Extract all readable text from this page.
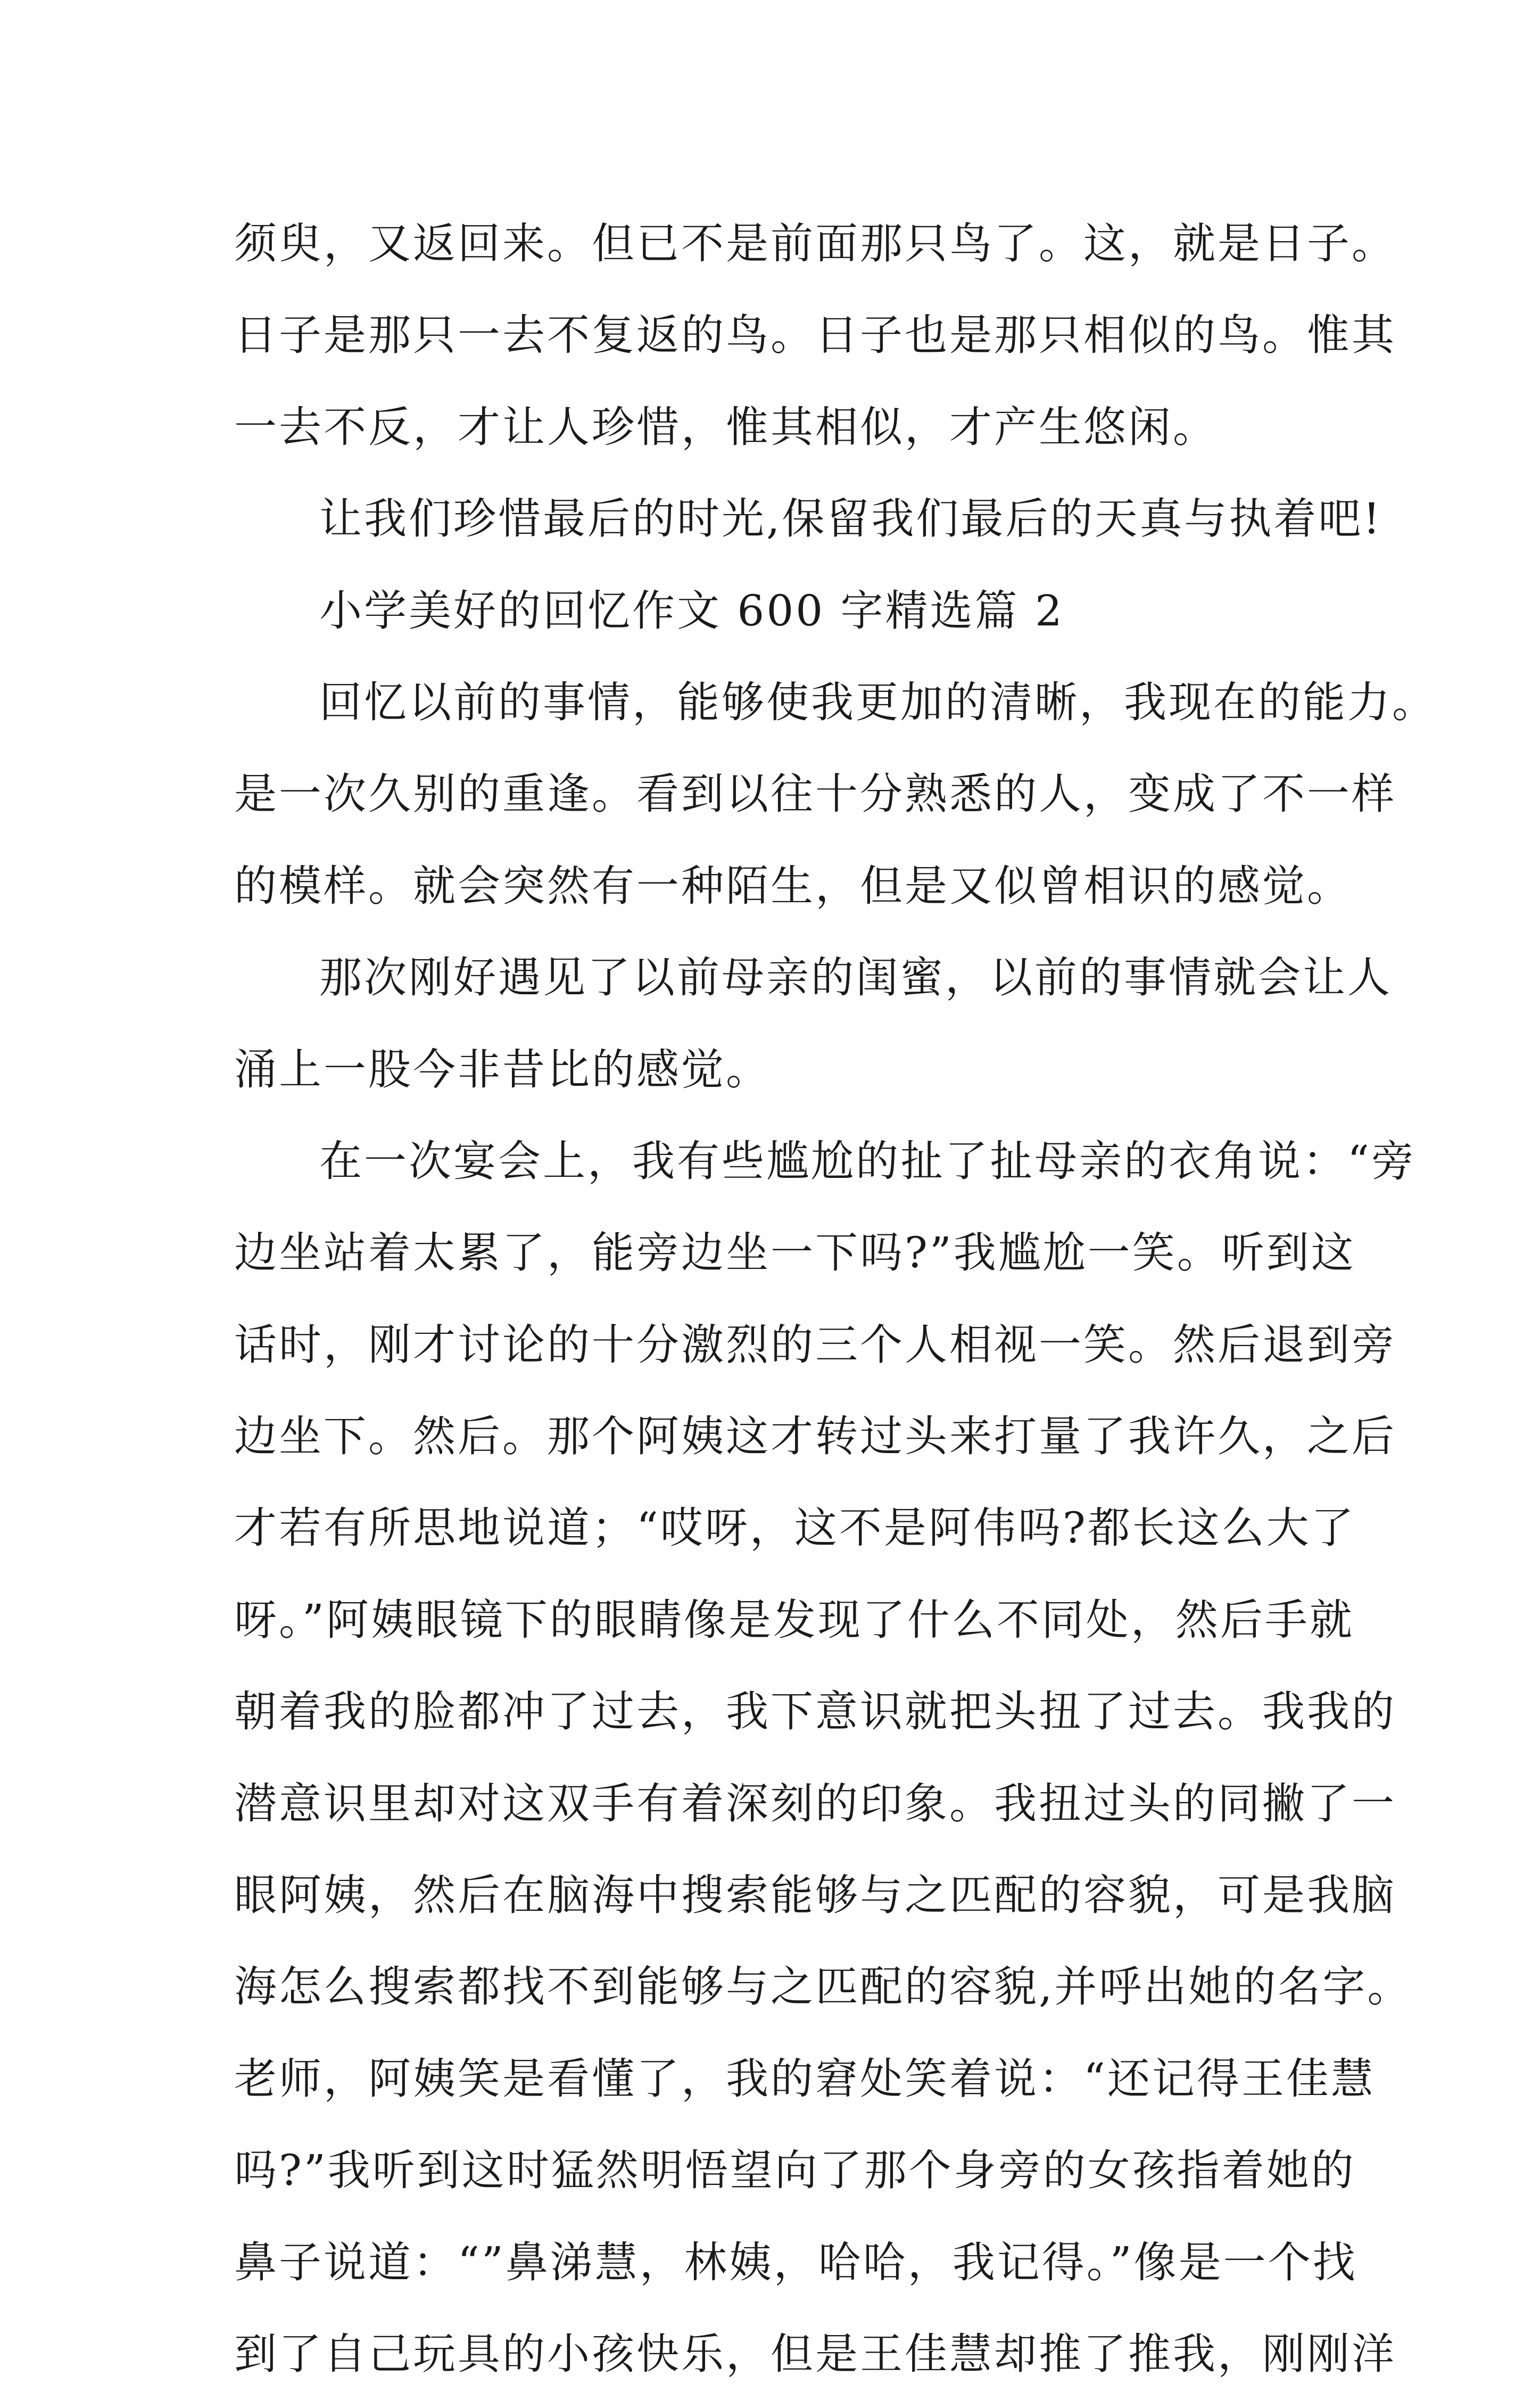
须臾，又返回来。但已不是前面那只鸟了。这，就是日子。
日子是那只一去不复返的鸟。日子也是那只相似的鸟。惟其
一去不反，才让人珍惜，惟其相似，才产生悠闲。
让我们珍惜最后的时光,保留我们最后的天真与执着吧!
小学美好的回忆作文 600 字精选篇 2
回忆以前的事情，能够使我更加的清晰，我现在的能力。
是一次久别的重逢。看到以往十分熟悉的人，变成了不一样
的模样。就会突然有一种陌生，但是又似曾相识的感觉。
那次刚好遇见了以前母亲的闺蜜，以前的事情就会让人
涌上一股今非昔比的感觉。
在一次宴会上，我有些尴尬的扯了扯母亲的衣角说：“旁
边坐站着太累了，能旁边坐一下吗?”我尴尬一笑。听到这
话时，刚才讨论的十分激烈的三个人相视一笑。然后退到旁
边坐下。然后。那个阿姨这才转过头来打量了我许久，之后
才若有所思地说道；“哎呀，这不是阿伟吗?都长这么大了
呀。”阿姨眼镜下的眼睛像是发现了什么不同处，然后手就
朝着我的脸都冲了过去，我下意识就把头扭了过去。我我的
潜意识里却对这双手有着深刻的印象。我扭过头的同撇了一
眼阿姨，然后在脑海中搜索能够与之匹配的容貌，可是我脑
海怎么搜索都找不到能够与之匹配的容貌,并呼出她的名字。
老师，阿姨笑是看懂了，我的窘处笑着说：“还记得王佳慧
吗?”我听到这时猛然明悟望向了那个身旁的女孩指着她的
鼻子说道：“”鼻涕慧，林姨，哈哈，我记得。”像是一个找
到了自己玩具的小孩快乐，但是王佳慧却推了推我，刚刚洋
